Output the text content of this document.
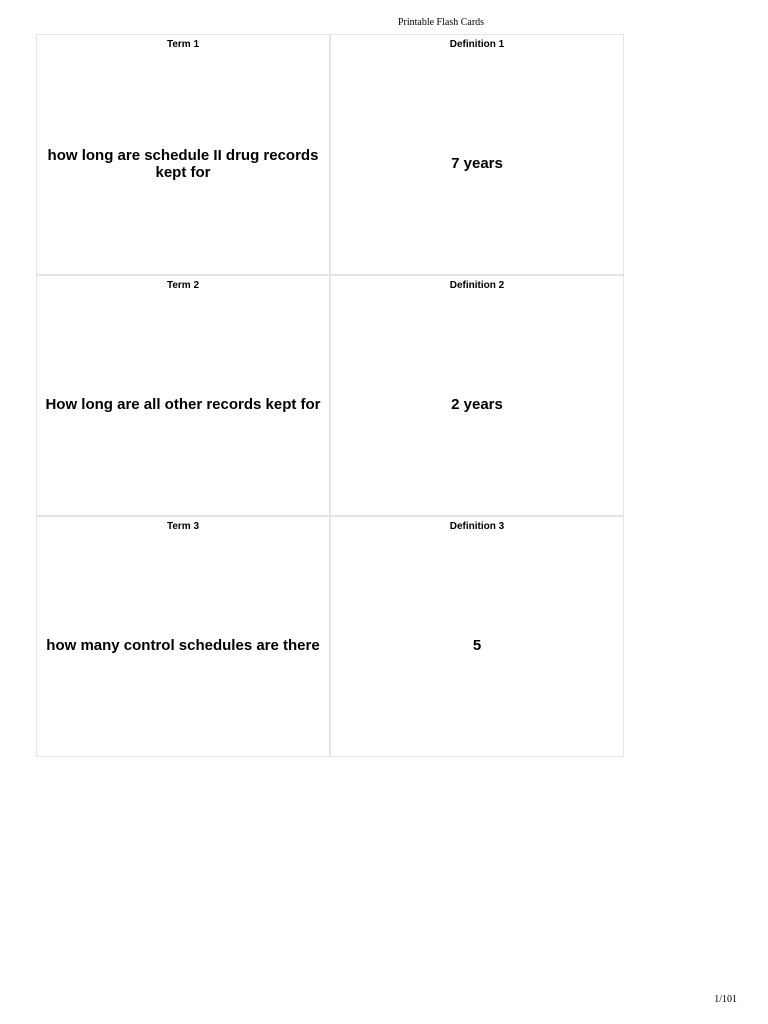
Printable Flash Cards
Term 1
how long are schedule II drug records kept for
Definition 1
7 years
Term 2
How long are all other records kept for
Definition 2
2 years
Term 3
how many control schedules are there
Definition 3
5
1/101
